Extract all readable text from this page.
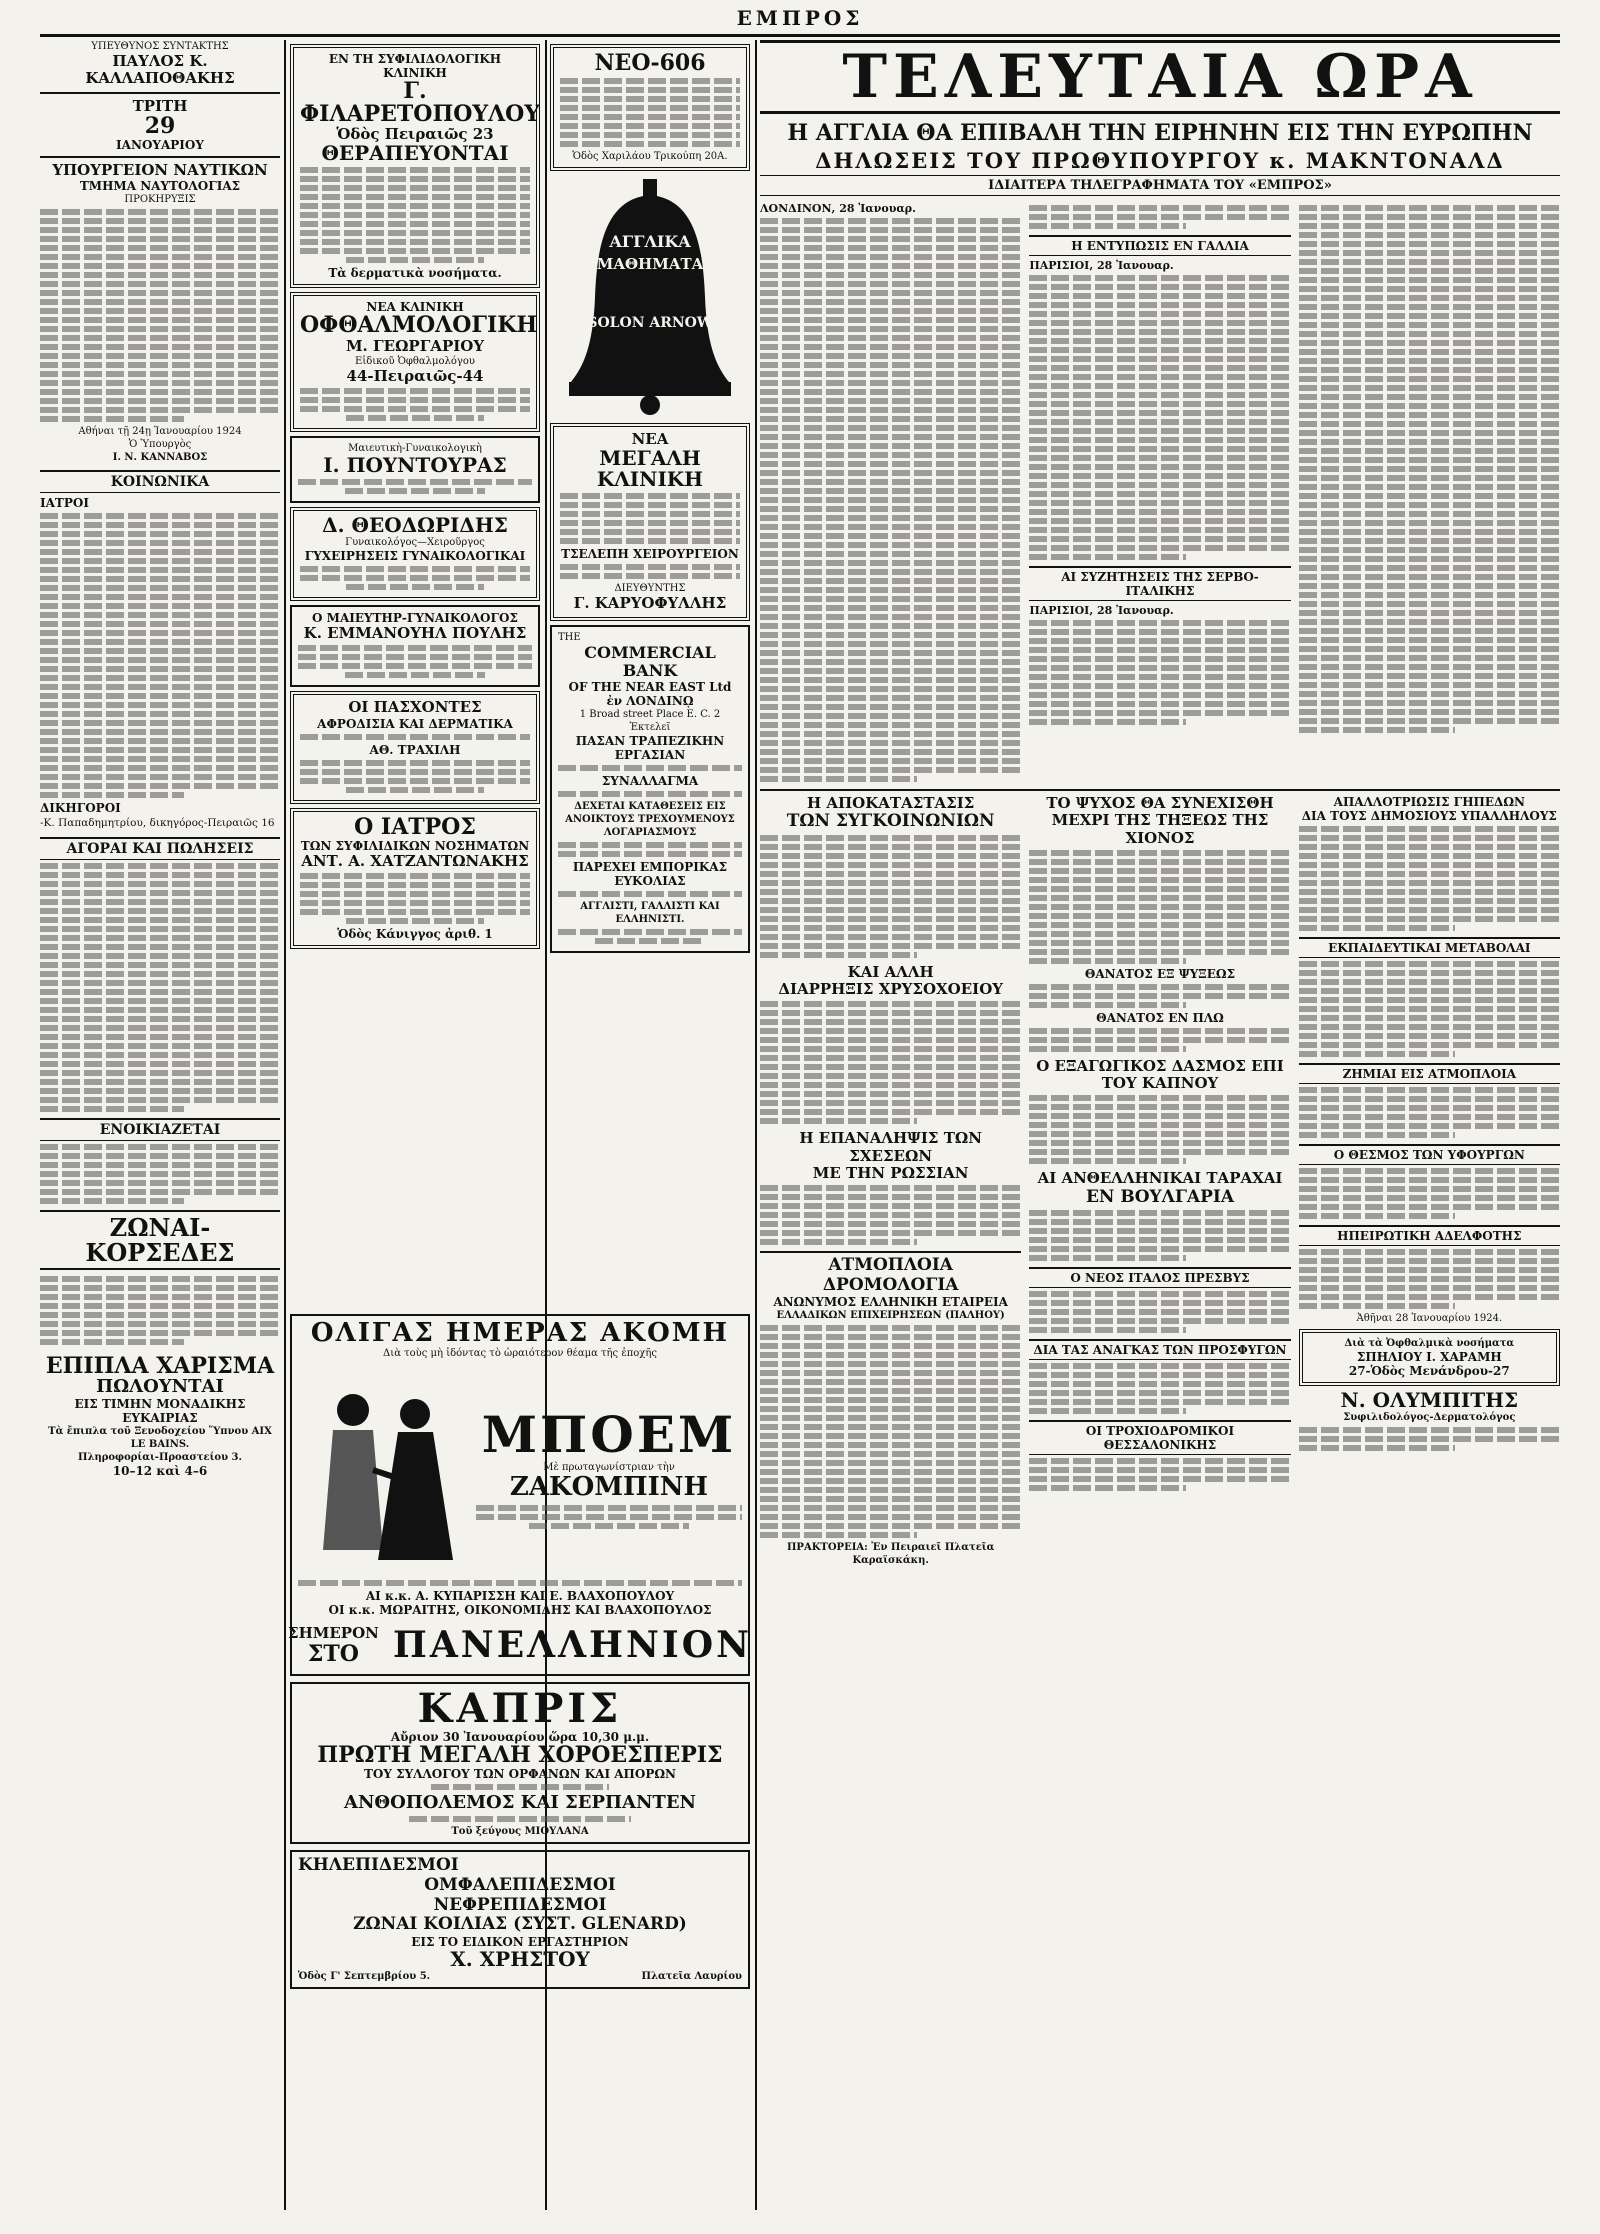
ΕΜΠΡΟΣ
ΥΠΕΥΘΥΝΟΣ ΣΥΝΤΑΚΤΗΣ
ΠΑΥΛΟΣ Κ. ΚΑΛΛΑΠΟΘΑΚΗΣ
ΤΡΙΤΗ
29
ΙΑΝΟΥΑΡΙΟΥ
ΥΠΟΥΡΓΕΙΟΝ ΝΑΥΤΙΚΩΝ
ΤΜΗΜΑ ΝΑΥΤΟΛΟΓΙΑΣ
ΠΡΟΚΗΡΥΞΙΣ
Αθήναι τῇ 24ῃ Ἰανουαρίου 1924
Ὁ Ὑπουργὸς
Ι. Ν. ΚΑΝΝΑΒΟΣ
ΚΟΙΝΩΝΙΚΑ
ΙΑΤΡΟΙ
ΔΙΚΗΓΟΡΟΙ
-Κ. Παπαδημητρίου, δικηγόρος-Πειραιῶς 16
ΑΓΟΡΑΙ ΚΑΙ ΠΩΛΗΣΕΙΣ
ΕΝΟΙΚΙΑΖΕΤΑΙ
ΖΩΝΑΙ-ΚΟΡΣΕΔΕΣ
ΕΠΙΠΛΑ ΧΑΡΙΣΜΑ
ΠΩΛΟΥΝΤΑΙ
ΕΙΣ ΤΙΜΗΝ ΜΟΝΑΔΙΚΗΣ ΕΥΚΑΙΡΙΑΣ
Τὰ ἔπιπλα τοῦ Ξενοδοχείου Ὕπνου AIX LE BAINS.
Πληροφορίαι-Προαστείου 3.
10–12 καὶ 4–6
ΕΝ ΤΗ ΣΥΦΙΛΙΔΟΛΟΓΙΚΗ ΚΛΙΝΙΚΗ
Γ. ΦΙΛΑΡΕΤΟΠΟΥΛΟΥ
Ὁδὸς Πειραιῶς 23
ΘΕΡΑΠΕΥΟΝΤΑΙ
Τὰ δερματικὰ νοσήματα.
ΝΕΑ ΚΛΙΝΙΚΗ
ΟΦΘΑΛΜΟΛΟΓΙΚΗ
Μ. ΓΕΩΡΓΑΡΙΟΥ
Εἰδικοῦ Ὀφθαλμολόγου
44-Πειραιῶς-44
Μαιευτικὴ-Γυναικολογικὴ
Ι. ΠΟΥΝΤΟΥΡΑΣ
Δ. ΘΕΟΔΩΡΙΔΗΣ
Γυναικολόγος—Χειροῦργος
ΓΥΧΕΙΡΗΣΕΙΣ ΓΥΝΑΙΚΟΛΟΓΙΚΑΙ
Ο ΜΑΙΕΥΤΗΡ-ΓΥΝΑΙΚΟΛΟΓΟΣ
Κ. ΕΜΜΑΝΟΥΗΛ ΠΟΥΛΗΣ
ΟΙ ΠΑΣΧΟΝΤΕΣ
ΑΦΡΟΔΙΣΙΑ ΚΑΙ ΔΕΡΜΑΤΙΚΑ
ΑΘ. ΤΡΑΧΙΛΗ
Ο ΙΑΤΡΟΣ
ΤΩΝ ΣΥΦΙΛΙΔΙΚΩΝ ΝΟΣΗΜΑΤΩΝ
ΑΝΤ. Α. ΧΑΤΖΑΝΤΩΝΑΚΗΣ
Ὁδὸς Κάνιγγος ἀριθ. 1
ΝΕΟ-606
Ὁδὸς Χαριλάου Τρικούπη 20Α.
ΑΓΓΛΙΚΑ
ΜΑΘΗΜΑΤΑ
SOLON ARNOW
ΝΕΑ
ΜΕΓΑΛΗ ΚΛΙΝΙΚΗ
ΤΣΕΛΕΠΗ ΧΕΙΡΟΥΡΓΕΙΟΝ
ΔΙΕΥΘΥΝΤΗΣ
Γ. ΚΑΡΥΟΦΥΛΛΗΣ
THE
COMMERCIAL BANK
OF THE NEAR EAST Ltd
ἐν ΛΟΝΔΙΝῼ
1 Broad street Place E. C. 2
Ἐκτελεῖ
ΠΑΣΑΝ ΤΡΑΠΕΖΙΚΗΝ ΕΡΓΑΣΙΑΝ
ΣΥΝΑΛΛΑΓΜΑ
ΔΕΧΕΤΑΙ ΚΑΤΑΘΕΣΕΙΣ ΕΙΣ ΑΝΟΙΚΤΟΥΣ ΤΡΕΧΟΥΜΕΝΟΥΣ ΛΟΓΑΡΙΑΣΜΟΥΣ
ΠΑΡΕΧΕΙ ΕΜΠΟΡΙΚΑΣ ΕΥΚΟΛΙΑΣ
ΑΓΓΛΙΣΤΙ, ΓΑΛΛΙΣΤΙ ΚΑΙ ΕΛΛΗΝΙΣΤΙ.
ΟΛΙΓΑΣ ΗΜΕΡΑΣ ΑΚΟΜΗ
Διὰ τοὺς μὴ ἰδόντας τὸ ὡραιότερον θέαμα τῆς ἐποχῆς
ΜΠΟΕΜ
Μὲ πρωταγωνίστριαν τὴν
ΖΑΚΟΜΠΙΝΗ
ΑΙ κ.κ. Α. ΚΥΠΑΡΙΣΣΗ ΚΑΙ Ε. ΒΛΑΧΟΠΟΥΛΟΥ
ΟΙ κ.κ. ΜΩΡΑΙΤΗΣ, ΟΙΚΟΝΟΜΙΔΗΣ ΚΑΙ ΒΛΑΧΟΠΟΥΛΟΣ
ΣΗΜΕΡΟΝ
ΣΤΟ ΠΑΝΕΛΛΗΝΙΟΝ
ΚΑΠΡΙΣ
Αὔριον 30 Ἰανουαρίου ὥρα 10,30 μ.μ.
ΠΡΩΤΗ ΜΕΓΑΛΗ ΧΟΡΟΕΣΠΕΡΙΣ
ΤΟΥ ΣΥΛΛΟΓΟΥ ΤΩΝ ΟΡΦΑΝΩΝ ΚΑΙ ΑΠΟΡΩΝ
ΑΝΘΟΠΟΛΕΜΟΣ ΚΑΙ ΣΕΡΠΑΝΤΕΝ
Τοῦ ξεύγους ΜΙΟΥΛΑΝΑ
ΚΗΛΕΠΙΔΕΣΜΟΙ
ΟΜΦΑΛΕΠΙΔΕΣΜΟΙ
ΝΕΦΡΕΠΙΔΕΣΜΟΙ
ΖΩΝΑΙ ΚΟΙΛΙΑΣ (ΣΥΣΤ. GLENARD)
ΕΙΣ ΤΟ ΕΙΔΙΚΟΝ ΕΡΓΑΣΤΗΡΙΟΝ
Χ. ΧΡΗΣΤΟΥ
Ὁδὸς Γ' Σεπτεμβρίου 5.	Πλατεῖα Λαυρίου
ΤΕΛΕΥΤΑΙΑ ΩΡΑ
Η ΑΓΓΛΙΑ ΘΑ ΕΠΙΒΑΛΗ ΤΗΝ ΕΙΡΗΝΗΝ ΕΙΣ ΤΗΝ ΕΥΡΩΠΗΝ
ΔΗΛΩΣΕΙΣ ΤΟΥ ΠΡΩΘΥΠΟΥΡΓΟΥ κ. ΜΑΚΝΤΟΝΑΛΔ
ΙΔΙΑΙΤΕΡΑ ΤΗΛΕΓΡΑΦΗΜΑΤΑ ΤΟΥ «ΕΜΠΡΟΣ»
ΛΟΝΔΙΝΟΝ, 28 Ἰανουαρ.
Η ΕΝΤΥΠΩΣΙΣ ΕΝ ΓΑΛΛΙΑ
ΠΑΡΙΣΙΟΙ, 28 Ἰανουαρ.
ΑΙ ΣΥΖΗΤΗΣΕΙΣ ΤΗΣ ΣΕΡΒΟ-ΙΤΑΛΙΚΗΣ
ΠΑΡΙΣΙΟΙ, 28 Ἰανουαρ.
Η ΑΠΟΚΑΤΑΣΤΑΣΙΣ
ΤΩΝ ΣΥΓΚΟΙΝΩΝΙΩΝ
ΚΑΙ ΑΛΛΗ
ΔΙΑΡΡΗΞΙΣ ΧΡΥΣΟΧΟΕΙΟΥ
Η ΕΠΑΝΑΛΗΨΙΣ ΤΩΝ ΣΧΕΣΕΩΝ
ΜΕ ΤΗΝ ΡΩΣΣΙΑΝ
ΑΤΜΟΠΛΟΙΑ ΔΡΟΜΟΛΟΓΙΑ
ΑΝΩΝΥΜΟΣ ΕΛΛΗΝΙΚΗ ΕΤΑΙΡΕΙΑ
ΕΛΛΑΔΙΚΩΝ ΕΠΙΧΕΙΡΗΣΕΩΝ (ΠΑΛΗΟΥ)
ΠΡΑΚΤΟΡΕΙΑ: Ἐν Πειραιεῖ Πλατεῖα Καραϊσκάκη.
ΤΟ ΨΥΧΟΣ ΘΑ ΣΥΝΕΧΙΣΘΗ ΜΕΧΡΙ ΤΗΣ ΤΗΞΕΩΣ ΤΗΣ ΧΙΟΝΟΣ
ΘΑΝΑΤΟΣ ΕΞ ΨΥΞΕΩΣ
ΘΑΝΑΤΟΣ ΕΝ ΠΛΩ
Ο ΕΞΑΓΩΓΙΚΟΣ ΔΑΣΜΟΣ ΕΠΙ ΤΟΥ ΚΑΠΝΟΥ
ΑΙ ΑΝΘΕΛΛΗΝΙΚΑΙ ΤΑΡΑΧΑΙ
ΕΝ ΒΟΥΛΓΑΡΙΑ
Ο ΝΕΟΣ ΙΤΑΛΟΣ ΠΡΕΣΒΥΣ
ΔΙΑ ΤΑΣ ΑΝΑΓΚΑΣ ΤΩΝ ΠΡΟΣΦΥΓΩΝ
ΟΙ ΤΡΟΧΙΟΔΡΟΜΙΚΟΙ ΘΕΣΣΑΛΟΝΙΚΗΣ
ΑΠΑΛΛΟΤΡΙΩΣΙΣ ΓΗΠΕΔΩΝ
ΔΙΑ ΤΟΥΣ ΔΗΜΟΣΙΟΥΣ ΥΠΑΛΛΗΛΟΥΣ
ΕΚΠΑΙΔΕΥΤΙΚΑΙ ΜΕΤΑΒΟΛΑΙ
ΖΗΜΙΑΙ ΕΙΣ ΑΤΜΟΠΛΟΙΑ
Ο ΘΕΣΜΟΣ ΤΩΝ ΥΦΟΥΡΓΩΝ
ΗΠΕΙΡΩΤΙΚΗ ΑΔΕΛΦΟΤΗΣ
Ἀθῆναι 28 Ἰανουαρίου 1924.
Διὰ τὰ Ὀφθαλμικὰ νοσήματα
ΣΠΗΛΙΟΥ Ι. ΧΑΡΑΜΗ
27-Ὁδὸς Μενάνδρου-27
Ν. ΟΛΥΜΠΙΤΗΣ
Συφιλιδολόγος-Δερματολόγος
